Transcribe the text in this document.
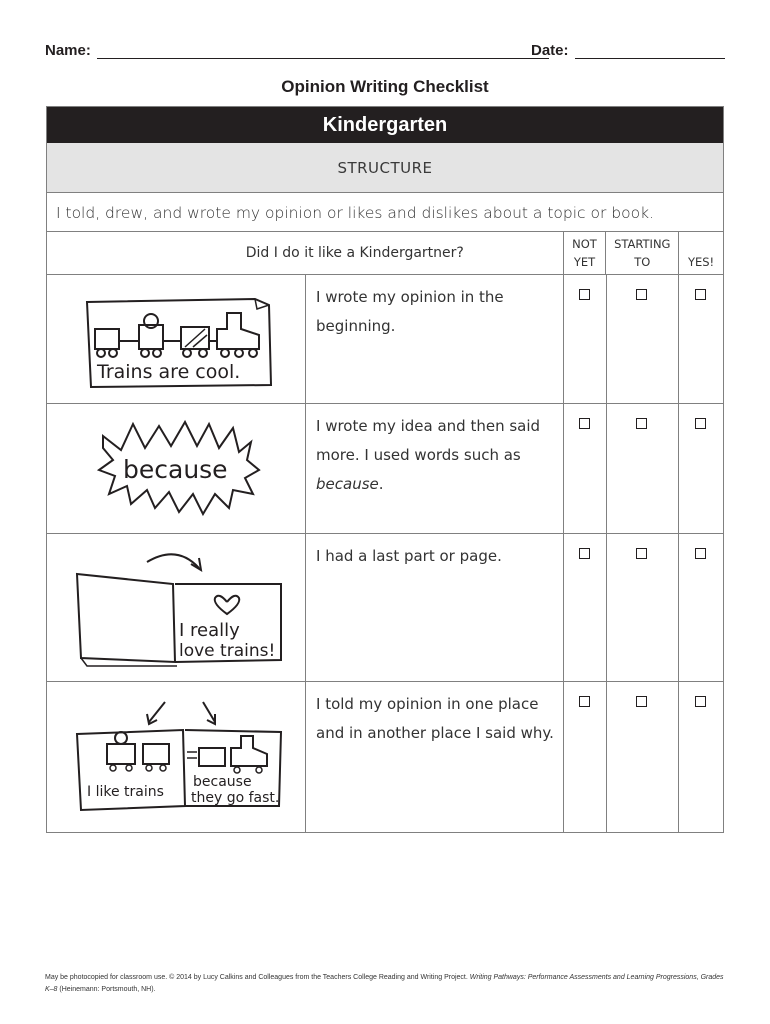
Name:	Date:
Opinion Writing Checklist
Kindergarten
STRUCTURE
I told, drew, and wrote my opinion or likes and dislikes about a topic or book.
Did I do it like a Kindergartner?
NOT
YET
STARTING
TO	YES!
Trains are cool.
I wrote my opinion in the beginning.
because
I wrote my idea and then said more. I used words such as because.
I really
love trains!
I had a last part or page.
I like trains
because
they go fast.
I told my opinion in one place and in another place I said why.
May be photocopied for classroom use. © 2014 by Lucy Calkins and Colleagues from the Teachers College Reading and Writing Project. Writing Pathways: Performance Assessments and Learning Progressions, Grades K–8 (Heinemann: Portsmouth, NH).
